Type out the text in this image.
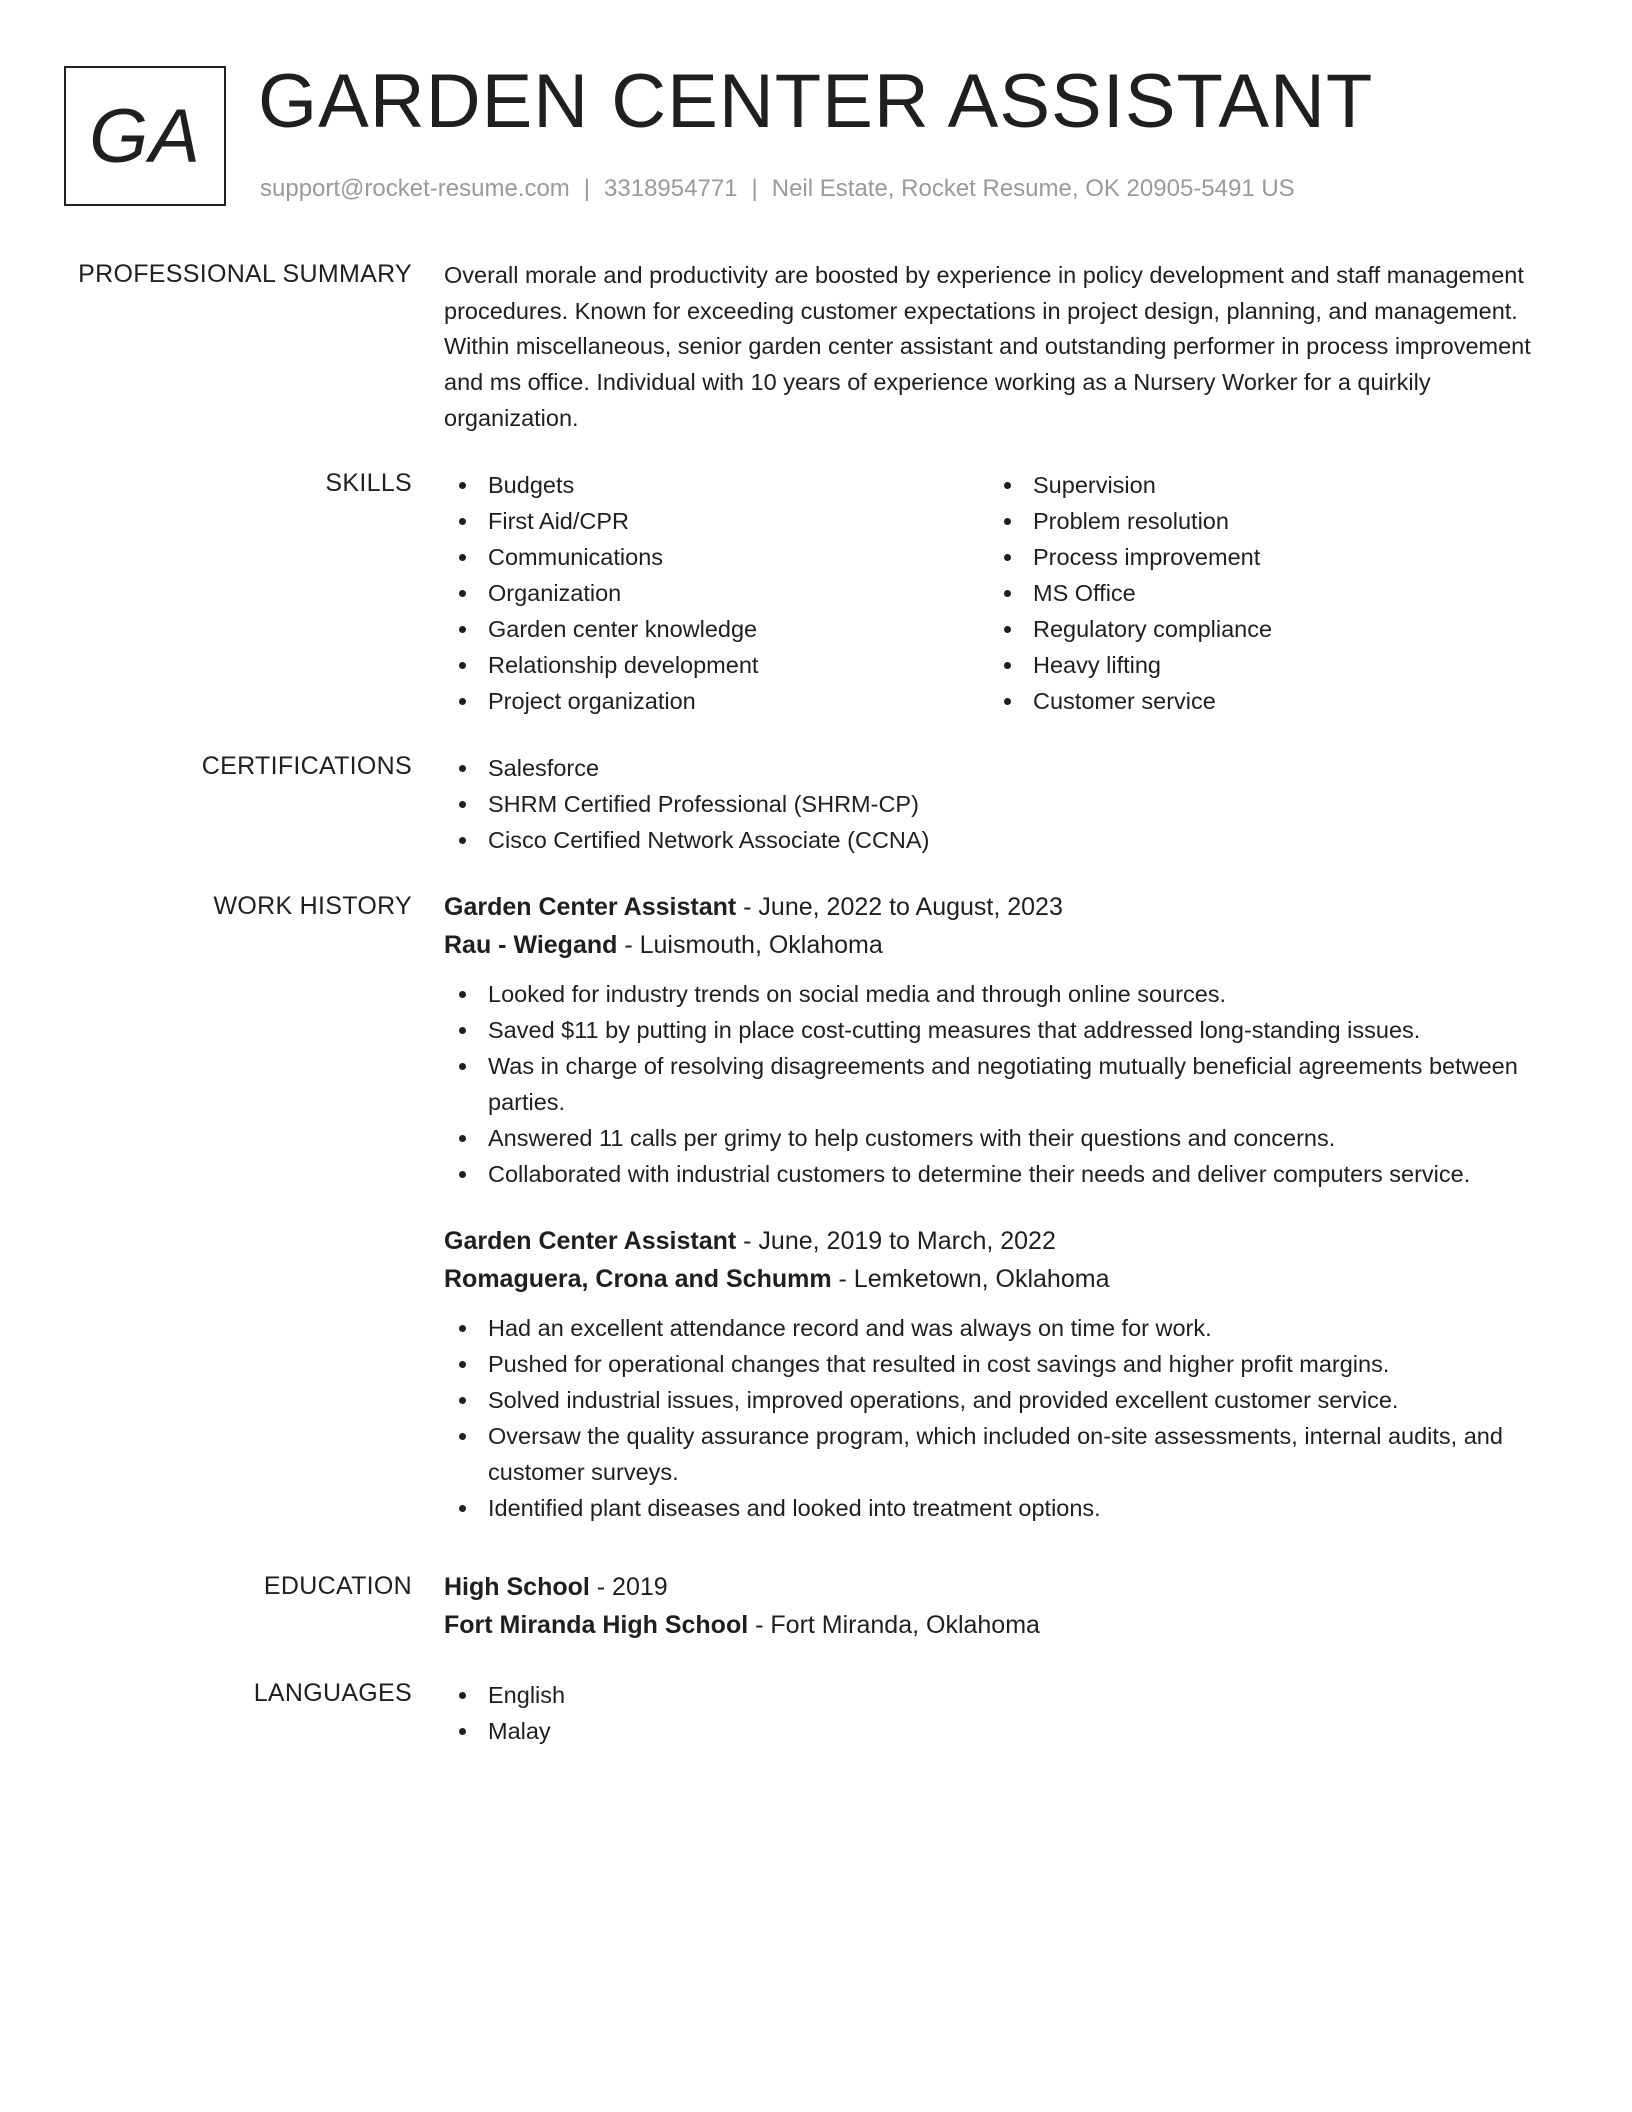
GA GARDEN CENTER ASSISTANT
support@rocket-resume.com | 3318954771 | Neil Estate, Rocket Resume, OK 20905-5491 US
PROFESSIONAL SUMMARY Overall morale and productivity are boosted by experience in policy development and staff management procedures. Known for exceeding customer expectations in project design, planning, and management. Within miscellaneous, senior garden center assistant and outstanding performer in process improvement and ms office. Individual with 10 years of experience working as a Nursery Worker for a quirkily organization.
SKILLS	Budgets
First Aid/CPR
Communications
Organization
Garden center knowledge
Relationship development
Project organization
Supervision
Problem resolution
Process improvement
MS Office
Regulatory compliance
Heavy lifting
Customer service
CERTIFICATIONS	Salesforce
SHRM Certified Professional (SHRM-CP)
Cisco Certified Network Associate (CCNA)
WORK HISTORY Garden Center Assistant - June, 2022 to August, 2023
Rau - Wiegand - Luismouth, Oklahoma
Looked for industry trends on social media and through online sources.
Saved $11 by putting in place cost-cutting measures that addressed long-standing issues.
Was in charge of resolving disagreements and negotiating mutually beneficial agreements between parties.
Answered 11 calls per grimy to help customers with their questions and concerns.
Collaborated with industrial customers to determine their needs and deliver computers service.
Garden Center Assistant - June, 2019 to March, 2022
Romaguera, Crona and Schumm - Lemketown, Oklahoma
Had an excellent attendance record and was always on time for work.
Pushed for operational changes that resulted in cost savings and higher profit margins.
Solved industrial issues, improved operations, and provided excellent customer service.
Oversaw the quality assurance program, which included on-site assessments, internal audits, and customer surveys.
Identified plant diseases and looked into treatment options.
EDUCATION High School - 2019
Fort Miranda High School - Fort Miranda, Oklahoma
LANGUAGES	English
Malay
